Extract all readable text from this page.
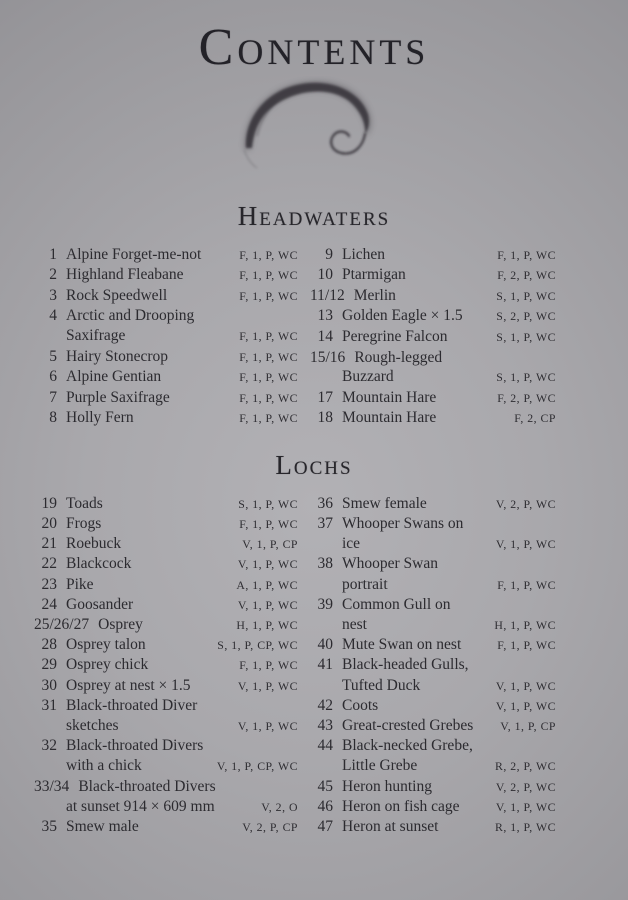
Contents
Headwaters
1 Alpine Forget-me-not	F, 1, P, WC
2 Highland Fleabane	F, 1, P, WC
3 Rock Speedwell	F, 1, P, WC
4 Arctic and Drooping
Saxifrage	F, 1, P, WC
5 Hairy Stonecrop	F, 1, P, WC
6 Alpine Gentian	F, 1, P, WC
7 Purple Saxifrage	F, 1, P, WC
8 Holly Fern	F, 1, P, WC
9 Lichen	F, 1, P, WC
10 Ptarmigan	F, 2, P, WC
11/12 Merlin	S, 1, P, WC
13 Golden Eagle × 1.5	S, 2, P, WC
14 Peregrine Falcon	S, 1, P, WC
15/16 Rough-legged
Buzzard	S, 1, P, WC
17 Mountain Hare	F, 2, P, WC
18 Mountain Hare	F, 2, CP
Lochs
19 Toads	S, 1, P, WC
20 Frogs	F, 1, P, WC
21 Roebuck	V, 1, P, CP
22 Blackcock	V, 1, P, WC
23 Pike	A, 1, P, WC
24 Goosander	V, 1, P, WC
25/26/27 Osprey	H, 1, P, WC
28 Osprey talon	S, 1, P, CP, WC
29 Osprey chick	F, 1, P, WC
30 Osprey at nest × 1.5	V, 1, P, WC
31 Black-throated Diver
sketches	V, 1, P, WC
32 Black-throated Divers
with a chick	V, 1, P, CP, WC
33/34 Black-throated Divers
at sunset 914 × 609 mm	V, 2, O
35 Smew male	V, 2, P, CP
36 Smew female	V, 2, P, WC
37 Whooper Swans on
ice	V, 1, P, WC
38 Whooper Swan
portrait	F, 1, P, WC
39 Common Gull on
nest	H, 1, P, WC
40 Mute Swan on nest	F, 1, P, WC
41 Black-headed Gulls,
Tufted Duck	V, 1, P, WC
42 Coots	V, 1, P, WC
43 Great-crested Grebes	V, 1, P, CP
44 Black-necked Grebe,
Little Grebe	R, 2, P, WC
45 Heron hunting	V, 2, P, WC
46 Heron on fish cage	V, 1, P, WC
47 Heron at sunset	R, 1, P, WC
